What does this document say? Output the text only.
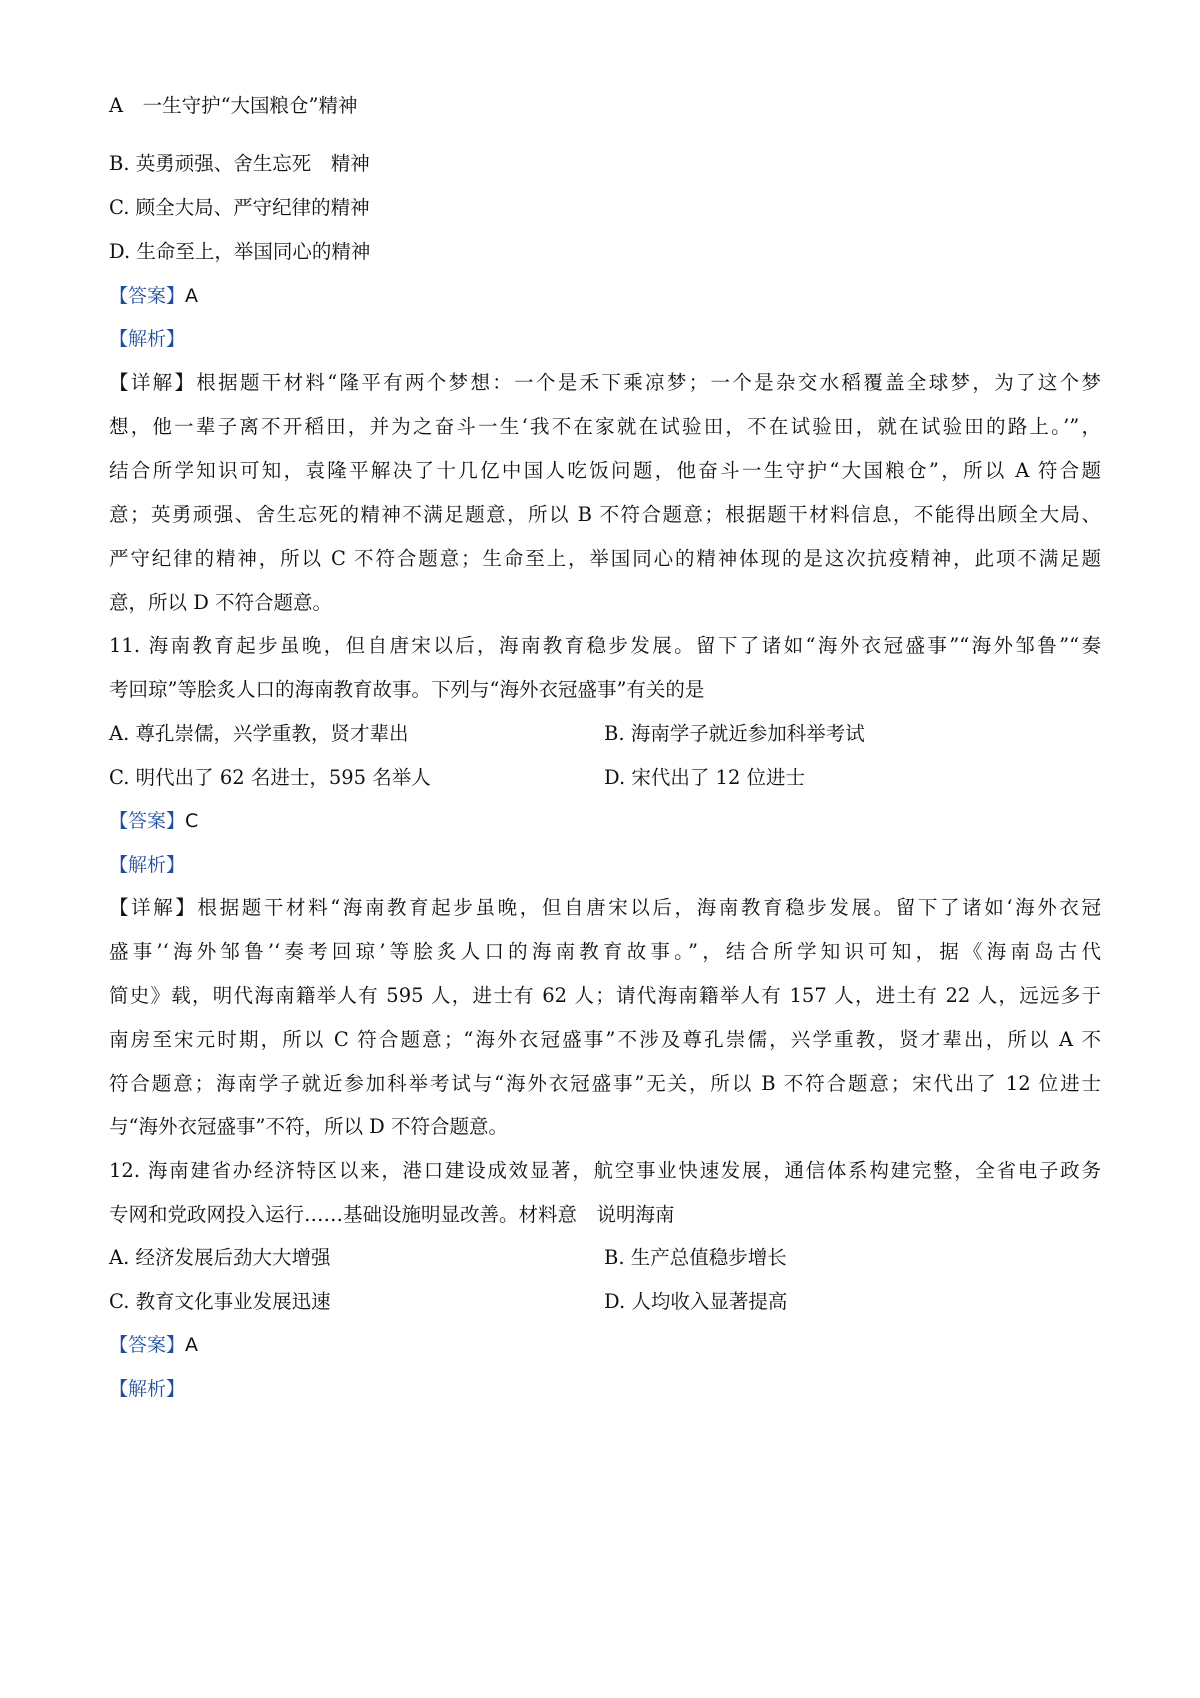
A　一生守护“大国粮仓”精神
B. 英勇顽强、舍生忘死　精神
C. 顾全大局、严守纪律的精神
D. 生命至上，举国同心的精神
【答案】A
【解析】
【详解】根据题干材料“隆平有两个梦想：一个是禾下乘凉梦；一个是杂交水稻覆盖全球梦，为了这个梦
想，他一辈子离不开稻田，并为之奋斗一生‘我不在家就在试验田，不在试验田，就在试验田的路上。’”，
结合所学知识可知，袁隆平解决了十几亿中国人吃饭问题，他奋斗一生守护“大国粮仓”，所以 A 符合题
意；英勇顽强、舍生忘死的精神不满足题意，所以 B 不符合题意；根据题干材料信息，不能得出顾全大局、
严守纪律的精神，所以 C 不符合题意；生命至上，举国同心的精神体现的是这次抗疫精神，此项不满足题
意，所以 D 不符合题意。
11. 海南教育起步虽晚，但自唐宋以后，海南教育稳步发展。留下了诸如“海外衣冠盛事”“海外邹鲁”“奏
考回琼”等脍炙人口的海南教育故事。下列与“海外衣冠盛事”有关的是
A. 尊孔崇儒，兴学重教，贤才辈出	B. 海南学子就近参加科举考试
C. 明代出了 62 名进士，595 名举人	D. 宋代出了 12 位进士
【答案】C
【解析】
【详解】根据题干材料“海南教育起步虽晚，但自唐宋以后，海南教育稳步发展。留下了诸如‘海外衣冠
盛事’‘海外邹鲁’‘奏考回琼’等脍炙人口的海南教育故事。”，结合所学知识可知，据《海南岛古代
简史》载，明代海南籍举人有 595 人，进士有 62 人；请代海南籍举人有 157 人，进土有 22 人，远远多于
南房至宋元时期，所以 C 符合题意；“海外衣冠盛事”不涉及尊孔崇儒，兴学重教，贤才辈出，所以 A 不
符合题意；海南学子就近参加科举考试与“海外衣冠盛事”无关，所以 B 不符合题意；宋代出了 12 位进士
与“海外衣冠盛事”不符，所以 D 不符合题意。
12. 海南建省办经济特区以来，港口建设成效显著，航空事业快速发展，通信体系构建完整，全省电子政务
专网和党政网投入运行……基础设施明显改善。材料意　说明海南
A. 经济发展后劲大大增强	B. 生产总值稳步增长
C. 教育文化事业发展迅速	D. 人均收入显著提高
【答案】A
【解析】
